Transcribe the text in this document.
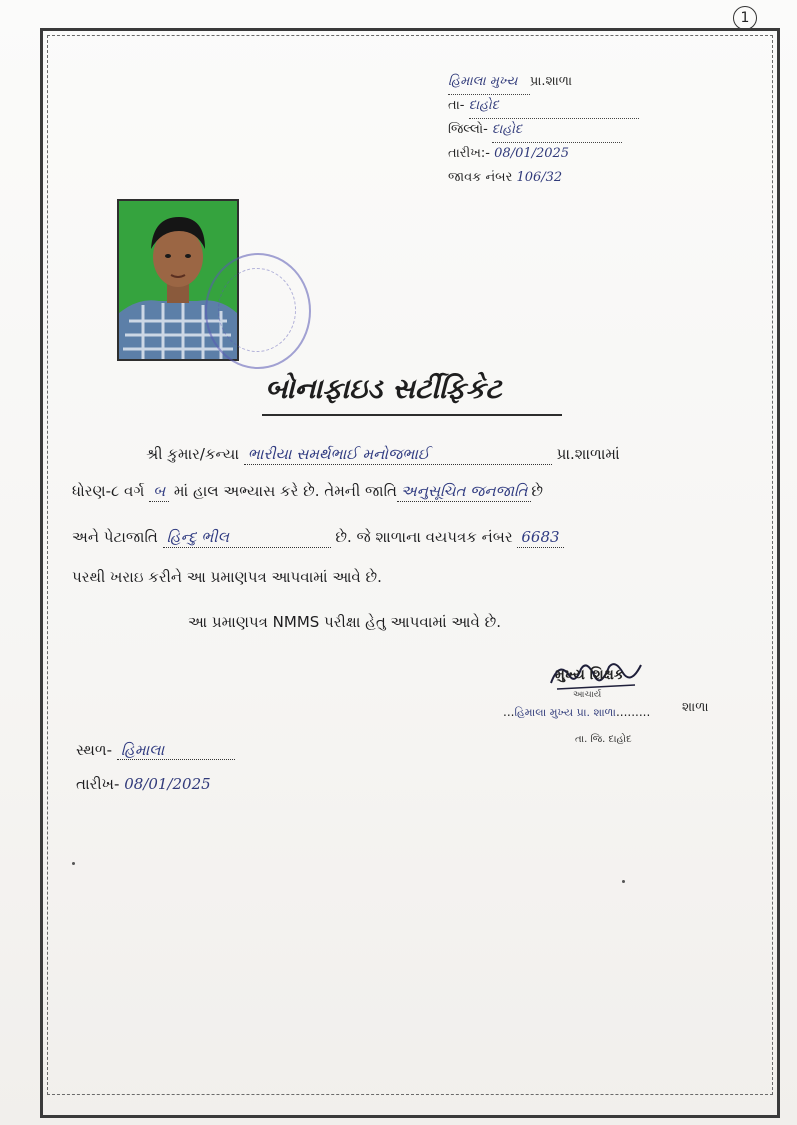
1
હિમાલા મુખ્ય પ્રા.શાળા
તા- દાહોદ
જિલ્લો- દાહોદ
તારીખ:- 08/01/2025
જાવક નંબર 106/32
બોનાફાઇડ સર્ટીફિકેટ
શ્રી કુમાર/કન્યા ભારીયા સમર્થભાઈ મનોજભાઈ	પ્રા.શાળામાં
ધોરણ-૮ વર્ગ બ માં હાલ અભ્યાસ કરે છે. તેમની જાતિ અનુસૂચિત જનજાતિ છે
અને પેટાજાતિ હિન્દુ ભીલ	છે. જે શાળાના વયપત્રક નંબર 6683
પરથી ખરાઇ કરીને આ પ્રમાણપત્ર આપવામાં આવે છે.
આ પ્રમાણપત્ર NMMS પરીક્ષા હેતુ આપવામાં આવે છે.
મુખ્ય શિક્ષક
આચાર્ય
...હિમાલા મુખ્ય પ્રા. શાળા......... શાળા
તા. જિ. દાહોદ
સ્થળ- હિમાલા
તારીખ- 08/01/2025
